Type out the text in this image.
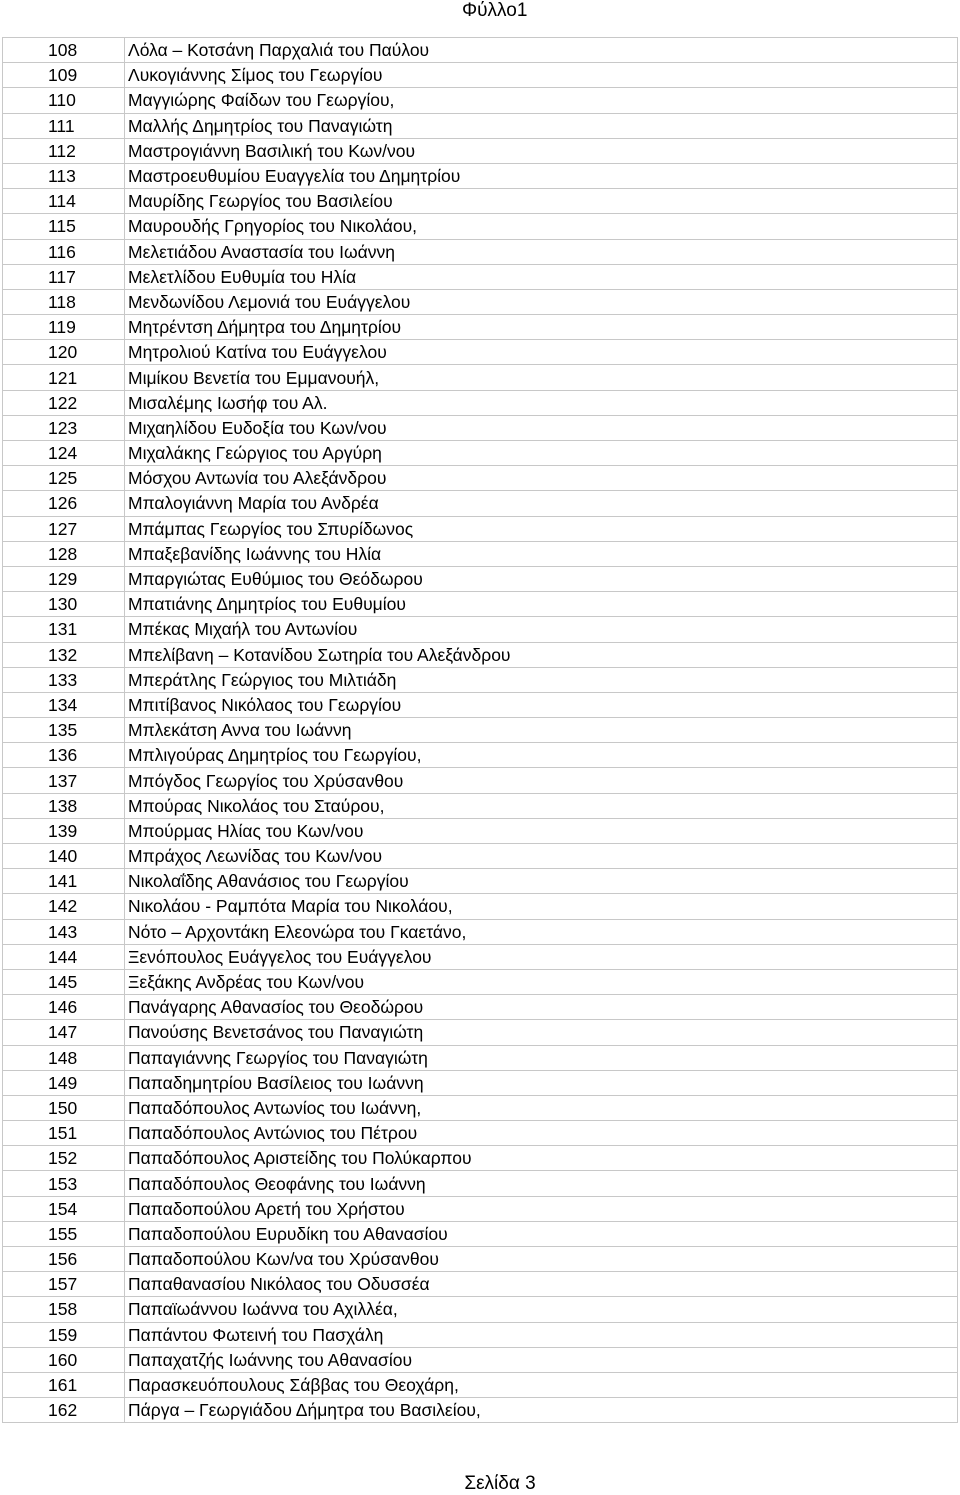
Φύλλο1
108	Λόλα – Κοτσάνη Παρχαλιά του Παύλου
109	Λυκογιάννης Σίμος του Γεωργίου
110	Μαγγιώρης Φαίδων του Γεωργίου,
111	Μαλλής Δημητρίος του Παναγιώτη
112	Μαστρογιάννη Βασιλική του Κων/νου
113	Μαστροευθυμίου Ευαγγελία του Δημητρίου
114	Μαυρίδης Γεωργίος του Βασιλείου
115	Μαυρουδής Γρηγορίος του Νικολάου,
116	Μελετιάδου Αναστασία του Ιωάννη
117	Μελετλίδου Ευθυμία του Ηλία
118	Μενδωνίδου Λεμονιά του Ευάγγελου
119	Μητρέντση Δήμητρα του Δημητρίου
120	Μητρολιού Κατίνα του Ευάγγελου
121	Μιμίκου Βενετία του Εμμανουήλ,
122	Μισαλέμης Ιωσήφ του Αλ.
123	Μιχαηλίδου Ευδοξία του Κων/νου
124	Μιχαλάκης Γεώργιος του Αργύρη
125	Μόσχου Αντωνία του Αλεξάνδρου
126	Μπαλογιάννη Μαρία του Ανδρέα
127	Μπάμπας Γεωργίος του Σπυρίδωνος
128	Μπαξεβανίδης Ιωάννης του Ηλία
129	Μπαργιώτας Ευθύμιος του Θεόδωρου
130	Μπατιάνης Δημητρίος του Ευθυμίου
131	Μπέκας Μιχαήλ του Αντωνίου
132	Μπελίβανη – Κοτανίδου Σωτηρία του Αλεξάνδρου
133	Μπεράτλης Γεώργιος του Μιλτιάδη
134	Μπιτίβανος Νικόλαος του Γεωργίου
135	Μπλεκάτση Αννα του Ιωάννη
136	Μπλιγούρας Δημητρίος του Γεωργίου,
137	Μπόγδος Γεωργίος του Χρύσανθου
138	Μπούρας Νικολάος του Σταύρου,
139	Μπούρμας Ηλίας του Κων/νου
140	Μπράχος Λεωνίδας του Κων/νου
141	Νικολαΐδης Αθανάσιος του Γεωργίου
142	Νικολάου - Ραμπότα Μαρία του Νικολάου,
143	Νότο – Αρχοντάκη Ελεονώρα του Γκαετάνο,
144	Ξενόπουλος Ευάγγελος του Ευάγγελου
145	Ξεξάκης Ανδρέας του Κων/νου
146	Πανάγαρης Αθανασίος του Θεοδώρου
147	Πανούσης Βενετσάνος του Παναγιώτη
148	Παπαγιάννης Γεωργίος του Παναγιώτη
149	Παπαδημητρίου Βασίλειος του Ιωάννη
150	Παπαδόπουλος Αντωνίος του Ιωάννη,
151	Παπαδόπουλος Αντώνιος του Πέτρου
152	Παπαδόπουλος Αριστείδης του Πολύκαρπου
153	Παπαδόπουλος Θεοφάνης του Ιωάννη
154	Παπαδοπούλου Αρετή του Χρήστου
155	Παπαδοπούλου Ευρυδίκη του Αθανασίου
156	Παπαδοπούλου Κων/να του Χρύσανθου
157	Παπαθανασίου Νικόλαος του Οδυσσέα
158	Παπαϊωάννου Ιωάννα του Αχιλλέα,
159	Παπάντου Φωτεινή του Πασχάλη
160	Παπαχατζής Ιωάννης του Αθανασίου
161	Παρασκευόπουλους Σάββας του Θεοχάρη,
162	Πάργα – Γεωργιάδου Δήμητρα του Βασιλείου,
Σελίδα 3
